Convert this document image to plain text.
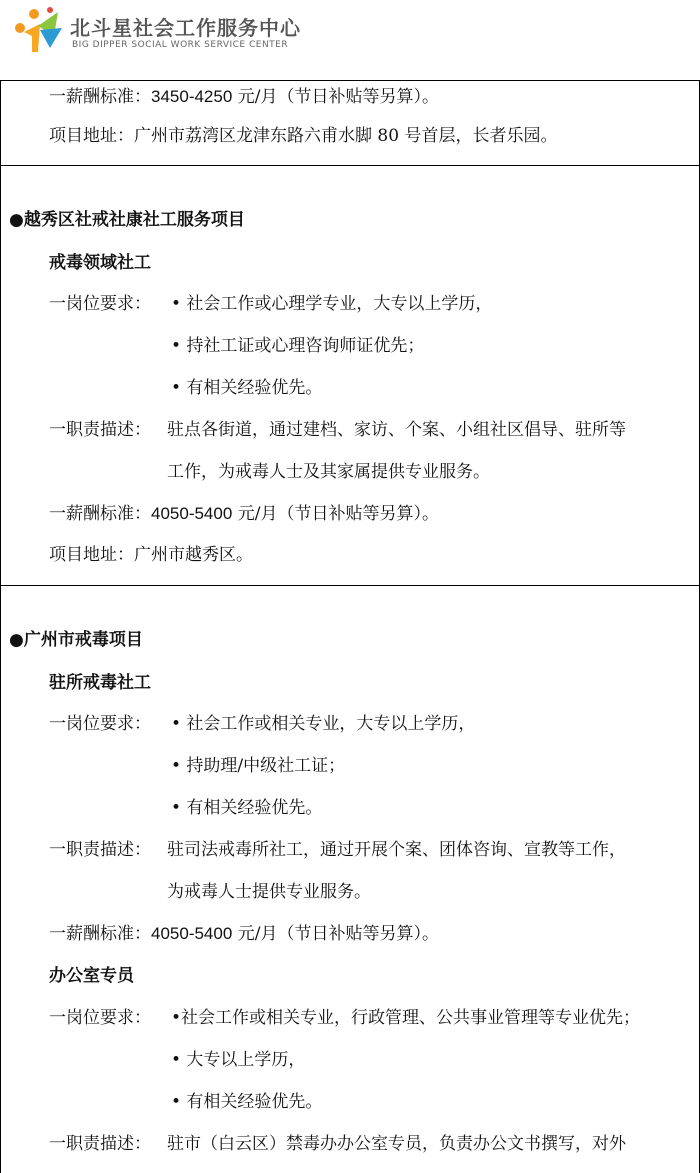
北斗星社会工作服务中心
BIG DIPPER SOCIAL WORK SERVICE CENTER
一薪酬标准：3450-4250 元/月（节日补贴等另算）。
项目地址：广州市荔湾区龙津东路六甫水脚 80 号首层，长者乐园。
●越秀区社戒社康社工服务项目
戒毒领域社工
一岗位要求： • 社会工作或心理学专业，大专以上学历，
• 持社工证或心理咨询师证优先；
• 有相关经验优先。
一职责描述： 驻点各街道，通过建档、家访、个案、小组社区倡导、驻所等
工作，为戒毒人士及其家属提供专业服务。
一薪酬标准：4050-5400 元/月（节日补贴等另算）。
项目地址：广州市越秀区。
●广州市戒毒项目
驻所戒毒社工
一岗位要求： • 社会工作或相关专业，大专以上学历，
• 持助理/中级社工证；
• 有相关经验优先。
一职责描述： 驻司法戒毒所社工，通过开展个案、团体咨询、宣教等工作，
为戒毒人士提供专业服务。
一薪酬标准：4050-5400 元/月（节日补贴等另算）。
办公室专员
一岗位要求： •社会工作或相关专业，行政管理、公共事业管理等专业优先；
• 大专以上学历，
• 有相关经验优先。
一职责描述： 驻市（白云区）禁毒办办公室专员，负责办公文书撰写，对外
